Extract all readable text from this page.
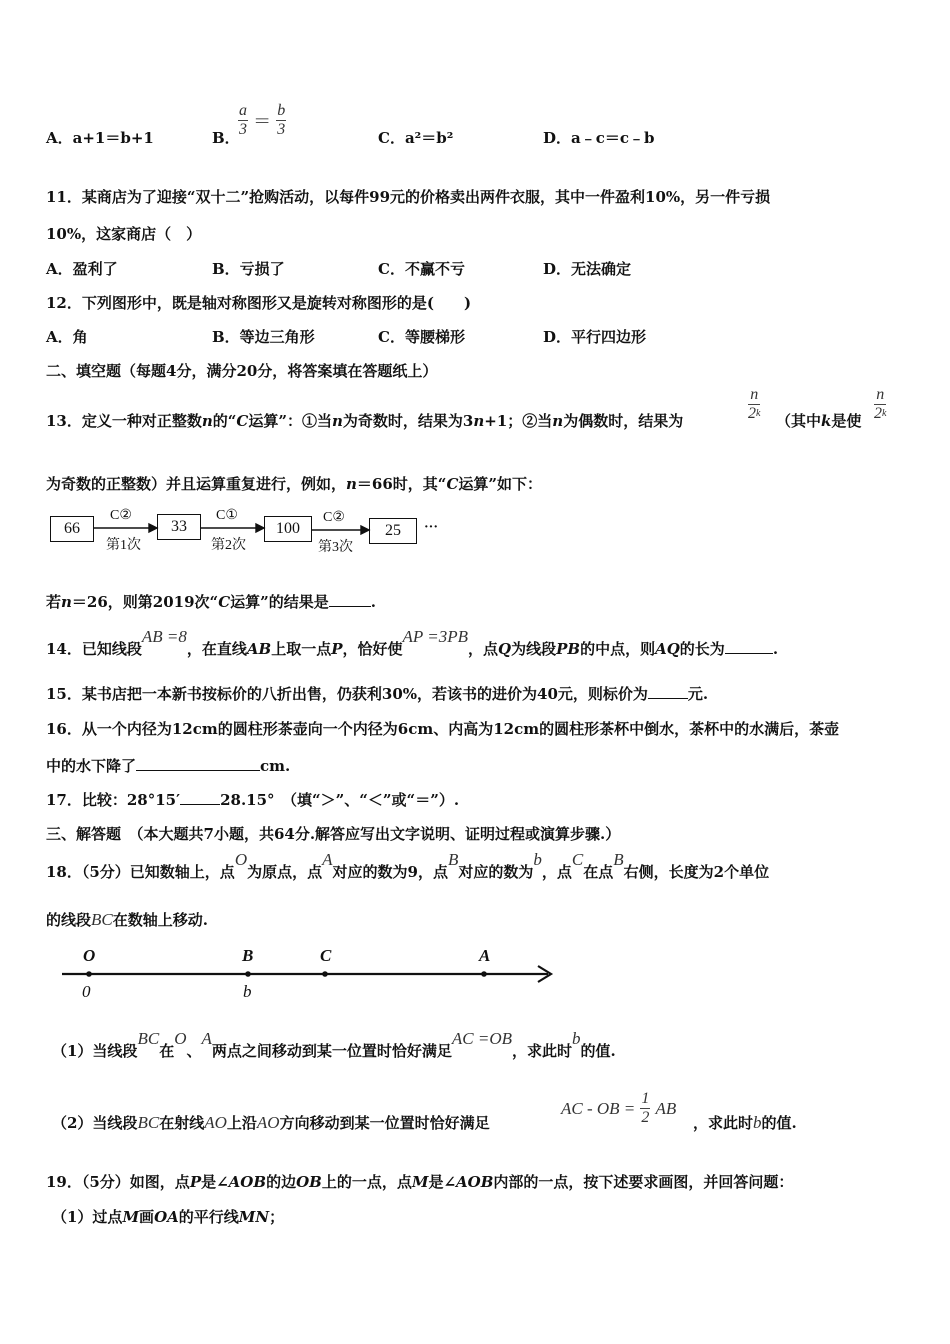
A．a+1＝b+1	B．
$\frac{a}{3} = \frac{b}{3}$	C．a²＝b²	D．a﹣c＝c﹣b
11．某商店为了迎接“双十二”抢购活动，以每件99元的价格卖出两件衣服，其中一件盈利10%，另一件亏损
10%，这家商店（　）
A．盈利了	B．亏损了	C．不赢不亏	D．无法确定
12．下列图形中，既是轴对称图形又是旋转对称图形的是(　　)
A．角	B．等边三角形	C．等腰梯形	D．平行四边形
二、填空题（每题4分，满分20分，将答案填在答题纸上）
13．定义一种对正整数n的“C运算”：①当n为奇数时，结果为3n+1；②当n为偶数时，结果为	$\frac{n}{2^k}$ （其中k是使 $\frac{n}{2^k}$
为奇数的正整数）并且运算重复进行，例如，n＝66时，其“C运算”如下：
66	33	100	25
C②	C①	C②
第1次	第2次	第3次
···
若n＝26，则第2019次“C运算”的结果是	.
14．已知线段AB =8，在直线AB上取一点P，恰好使AP =3PB，点Q为线段PB的中点，则AQ的长为	.
15．某书店把一本新书按标价的八折出售，仍获利30%，若该书的进价为40元，则标价为	元.
16．从一个内径为12cm的圆柱形茶壶向一个内径为6cm、内高为12cm的圆柱形茶杯中倒水，茶杯中的水满后，茶壶
中的水下降了	cm.
17．比较：28°15′	28.15°　（填“＞”、“＜”或“＝”）.
三、解答题　（本大题共7小题，共64分.解答应写出文字说明、证明过程或演算步骤.）
18．（5分）已知数轴上，点O为原点，点A对应的数为9，点B对应的数为b，点C在点B右侧，长度为2个单位
的线段BC在数轴上移动.
O	B	C	A
0	b
（1）当线段BC在O、A两点之间移动到某一位置时恰好满足AC =OB，求此时b的值.
（2）当线段BC在射线AO上沿AO方向移动到某一位置时恰好满足
AC - OB = $\frac{1}{2}$ AB
，求此时b的值.
19．（5分）如图，点P是∠AOB的边OB上的一点，点M是∠AOB内部的一点，按下述要求画图，并回答问题：
（1）过点M画OA的平行线MN；
